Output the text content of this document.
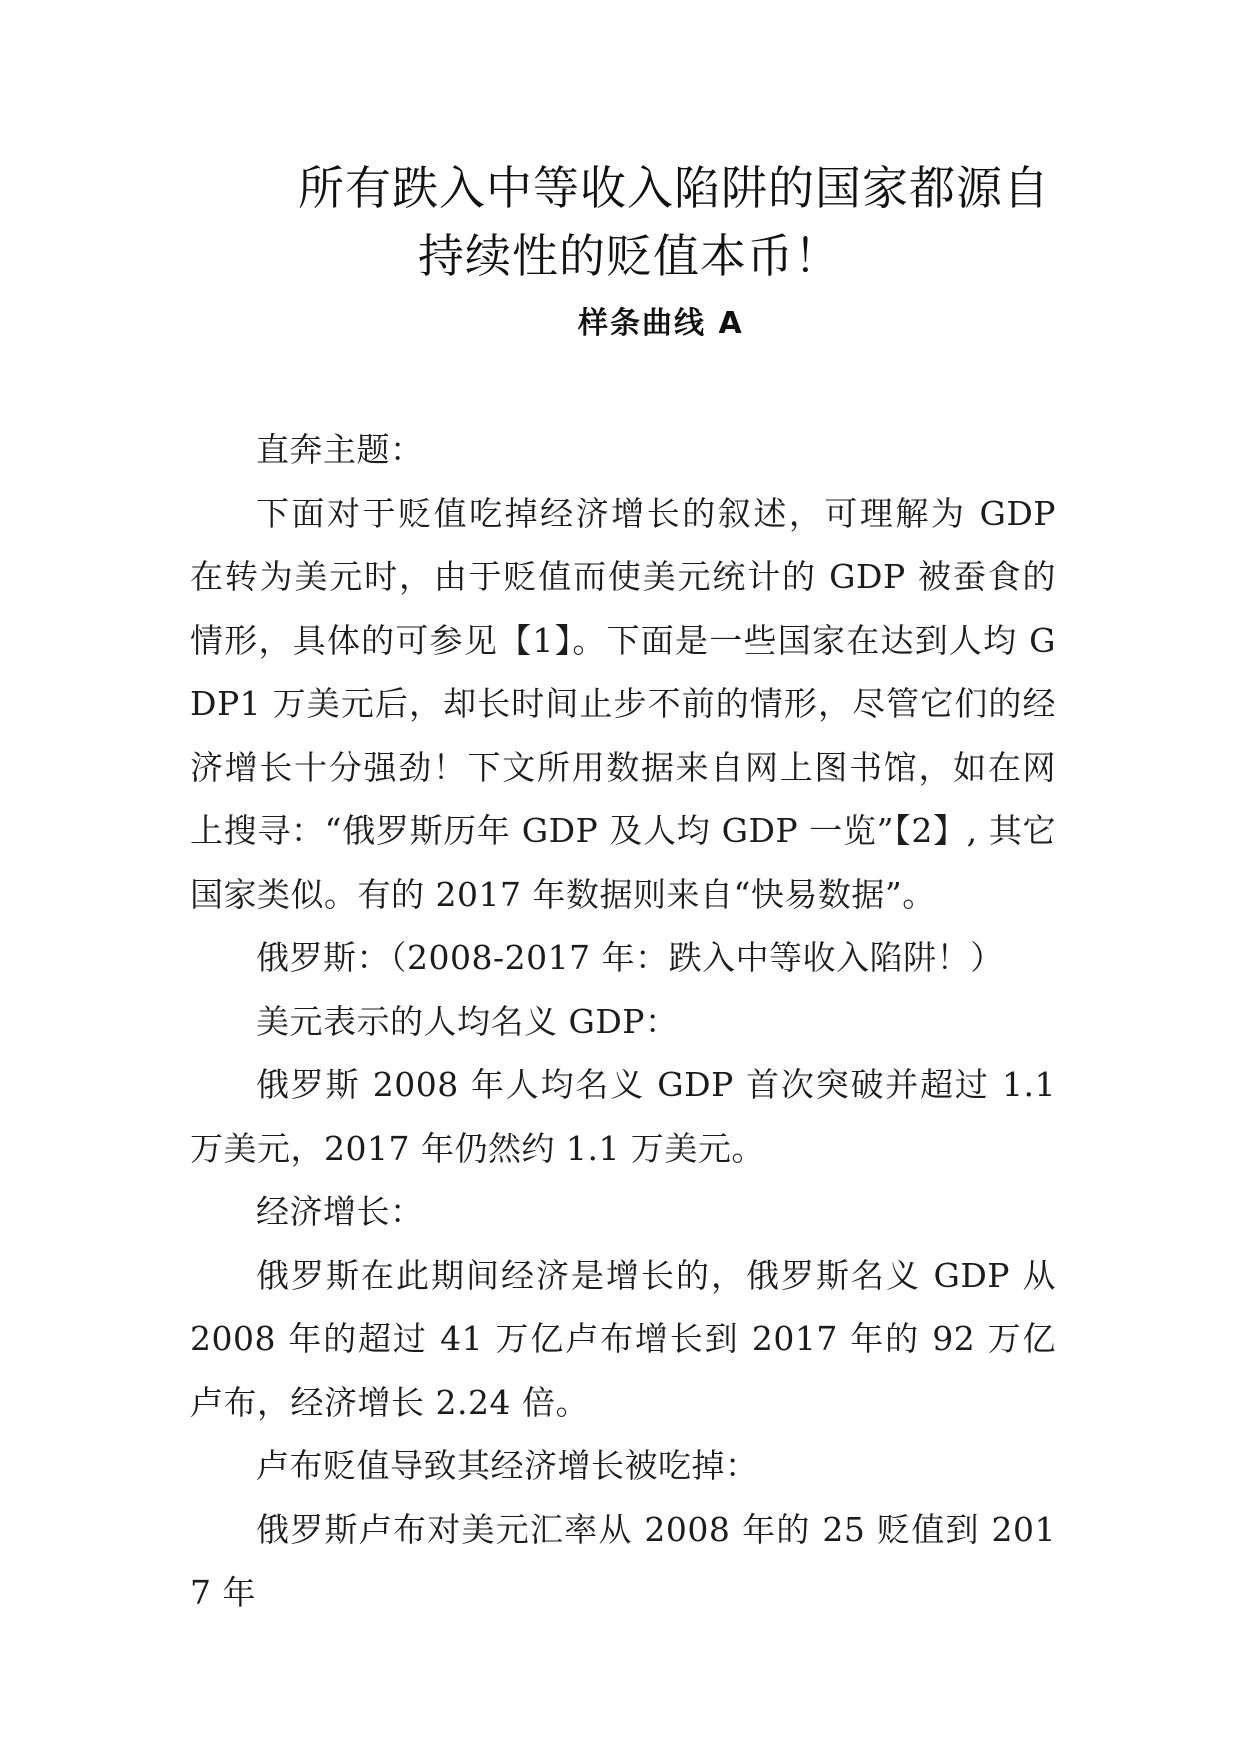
所有跌入中等收入陷阱的国家都源自
持续性的贬值本币！
样条曲线 A

直奔主题：

下面对于贬值吃掉经济增长的叙述，可理解为 GDP 在转为美元时，由于贬值而使美元统计的 GDP 被蚕食的情形，具体的可参见【1】。下面是一些国家在达到人均 GDP1 万美元后，却长时间止步不前的情形，尽管它们的经济增长十分强劲！下文所用数据来自网上图书馆，如在网上搜寻：“俄罗斯历年 GDP 及人均 GDP 一览”【2】, 其它国家类似。有的 2017 年数据则来自“快易数据”。

俄罗斯：（2008-2017 年：跌入中等收入陷阱！）

美元表示的人均名义 GDP：

俄罗斯 2008 年人均名义 GDP 首次突破并超过 1.1 万美元，2017 年仍然约 1.1 万美元。

经济增长：

俄罗斯在此期间经济是增长的，俄罗斯名义 GDP 从 2008 年的超过 41 万亿卢布增长到 2017 年的 92 万亿卢布，经济增长 2.24 倍。

卢布贬值导致其经济增长被吃掉：

俄罗斯卢布对美元汇率从 2008 年的 25 贬值到 2017 年
